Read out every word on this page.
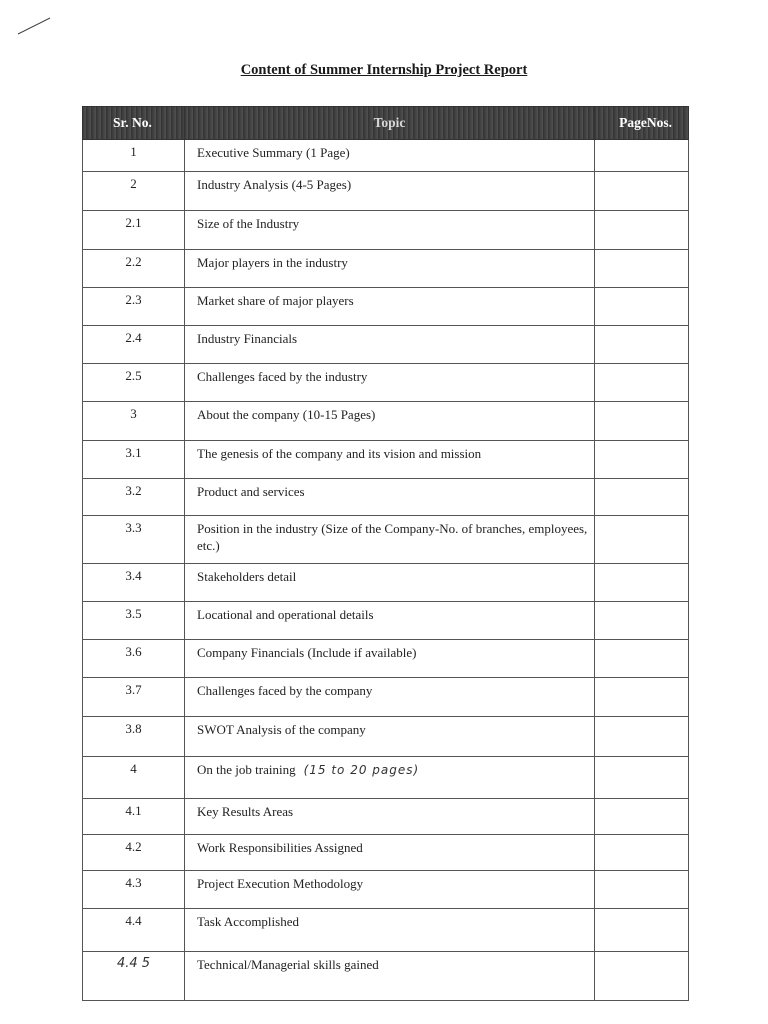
Content of Summer Internship Project Report
Sr. No.	Topic	PageNos.
1	Executive Summary (1 Page)	
2	Industry Analysis (4-5 Pages)	
2.1	Size of the Industry	
2.2	Major players in the industry	
2.3	Market share of major players	
2.4	Industry Financials	
2.5	Challenges faced by the industry	
3	About the company (10-15 Pages)	
3.1	The genesis of the company and its vision and mission	
3.2	Product and services	
3.3	Position in the industry (Size of the Company-No. of branches, employees, etc.)	
3.4	Stakeholders detail	
3.5	Locational and operational details	
3.6	Company Financials (Include if available)	
3.7	Challenges faced by the company	
3.8	SWOT Analysis of the company	
4	On the job training (15 to 20 pages)	
4.1	Key Results Areas	
4.2	Work Responsibilities Assigned	
4.3	Project Execution Methodology	
4.4	Task Accomplished	
4.4 5	Technical/Managerial skills gained	
